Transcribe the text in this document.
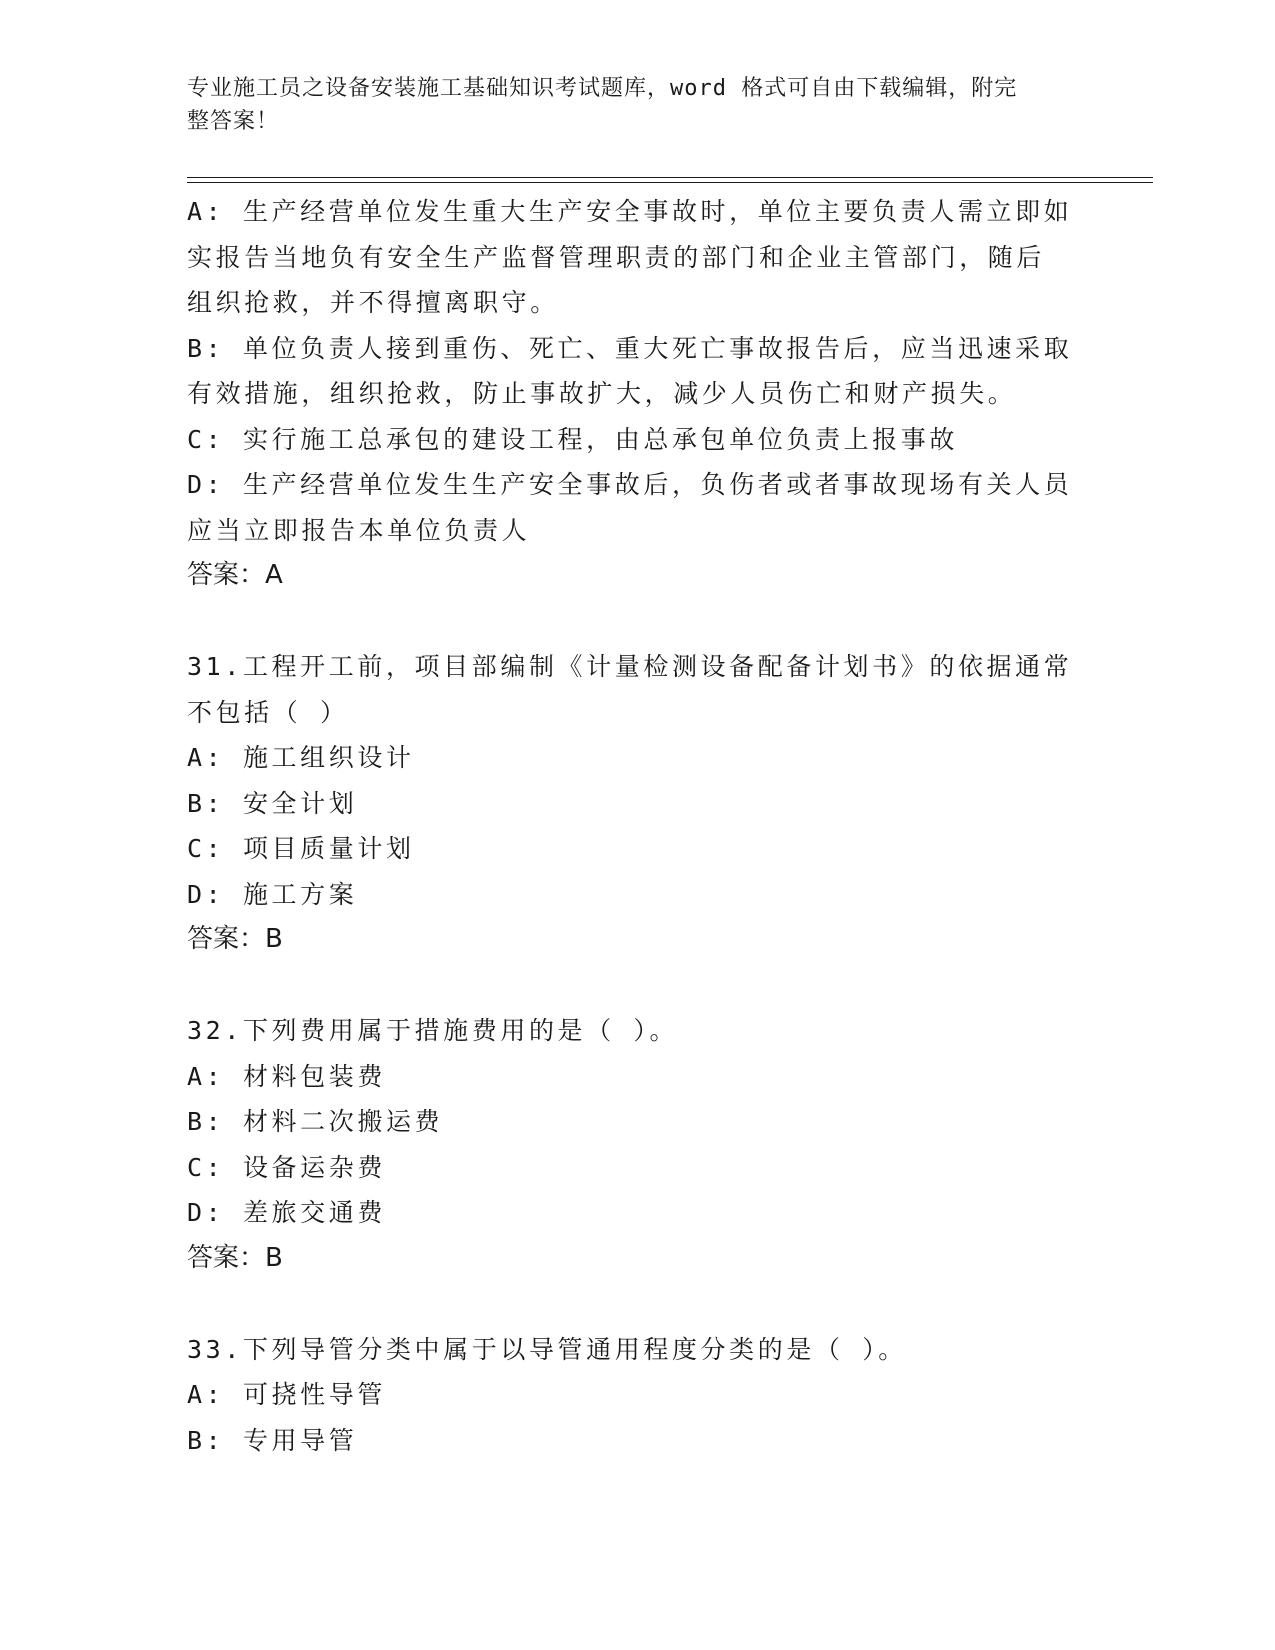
专业施工员之设备安装施工基础知识考试题库，word 格式可自由下载编辑，附完
整答案！
A: 生产经营单位发生重大生产安全事故时，单位主要负责人需立即如
实报告当地负有安全生产监督管理职责的部门和企业主管部门，随后
组织抢救，并不得擅离职守。
B: 单位负责人接到重伤、死亡、重大死亡事故报告后，应当迅速采取
有效措施，组织抢救，防止事故扩大，减少人员伤亡和财产损失。
C: 实行施工总承包的建设工程，由总承包单位负责上报事故
D: 生产经营单位发生生产安全事故后，负伤者或者事故现场有关人员
应当立即报告本单位负责人
答案：A
31.工程开工前，项目部编制《计量检测设备配备计划书》的依据通常
不包括（ ）
A: 施工组织设计
B: 安全计划
C: 项目质量计划
D: 施工方案
答案：B
32.下列费用属于措施费用的是（ ）。
A: 材料包装费
B: 材料二次搬运费
C: 设备运杂费
D: 差旅交通费
答案：B
33.下列导管分类中属于以导管通用程度分类的是（ ）。
A: 可挠性导管
B: 专用导管
